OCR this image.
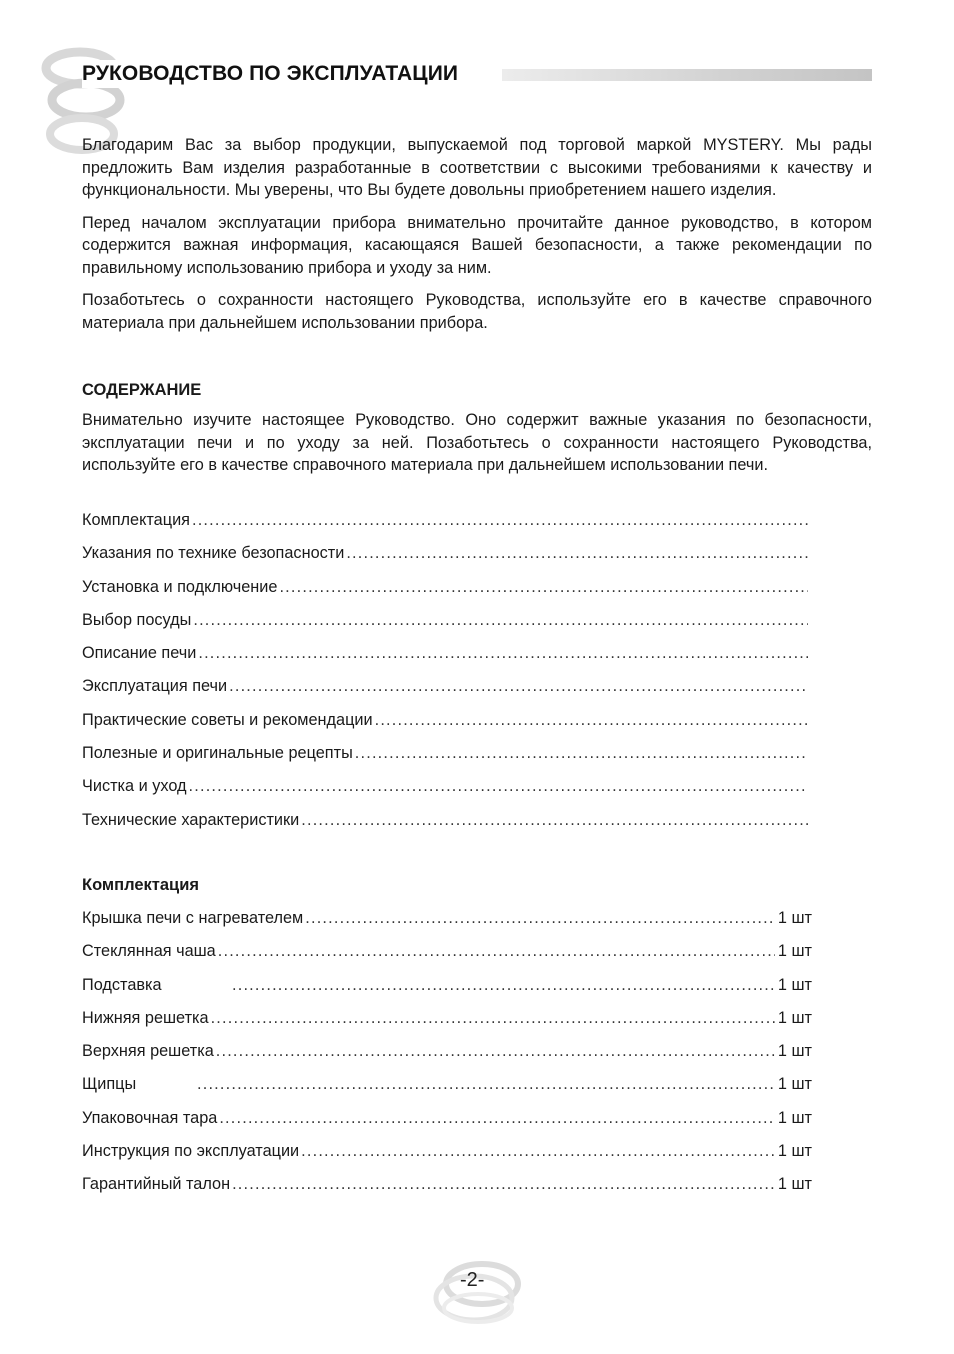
РУКОВОДСТВО ПО ЭКСПЛУАТАЦИИ

Благодарим Вас за выбор продукции, выпускаемой под торговой маркой MYSTERY. Мы рады предложить Вам изделия разработанные в соответствии с высокими требованиями к качеству и функциональности. Мы уверены, что Вы будете довольны приобретением нашего изделия.

Перед началом эксплуатации прибора внимательно прочитайте данное руководство, в котором содержится важная информация, касающаяся Вашей безопасности, а также рекомендации по правильному использованию прибора и уходу за ним.

Позаботьтесь о сохранности настоящего Руководства, используйте его в качестве справочного материала при дальнейшем использовании прибора.

СОДЕРЖАНИЕ

Внимательно изучите настоящее Руководство. Оно содержит важные указания по безопасности, эксплуатации печи и по уходу за ней. Позаботьтесь о сохранности настоящего Руководства, используйте его в качестве справочного материала при дальнейшем использовании печи.

Комплектация
.....
Указания по технике безопасности
.....
Установка и подключение
.....
Выбор посуды
.....
Описание печи
.....
Эксплуатация печи
.....
Практические советы и рекомендации
.....
Полезные и оригинальные рецепты
.....
Чистка и уход
.....
Технические характеристики
.....
Комплектация
Крышка печи с нагревателем .....	1 шт
Стеклянная чаша .....	1 шт
Подставка .....	1 шт
Нижняя решетка .....	1 шт
Верхняя решетка .....	1 шт
Щипцы .....	1 шт
Упаковочная тара .....	1 шт
Инструкция по эксплуатации .....	1 шт
Гарантийный талон .....	1 шт
-2-
